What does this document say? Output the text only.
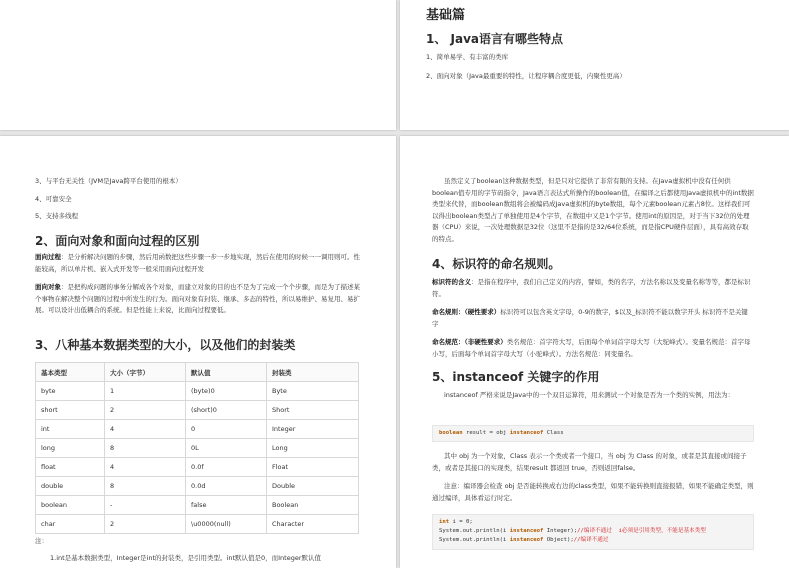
基础篇
1、 Java语言有哪些特点
1、简单易学、有丰富的类库
2、面向对象（Java最重要的特性，让程序耦合度更低，内聚性更高）
3、与平台无关性（JVM是Java跨平台使用的根本）
4、可靠安全
5、支持多线程
2、面向对象和面向过程的区别
面向过程：是分析解决问题的步骤，然后用函数把这些步骤一步一步地实现，然后在使用的时候一一调用则可。性能较高，所以单片机、嵌入式开发等一般采用面向过程开发
面向对象：是把构成问题的事务分解成各个对象，而建立对象的目的也不是为了完成一个个步骤，而是为了描述某个事物在解决整个问题的过程中所发生的行为。面向对象有封装、继承、多态的特性，所以易维护、易复用、易扩展。可以设计出低耦合的系统。但是性能上来说，比面向过程要低。
3、八种基本数据类型的大小，以及他们的封装类
基本类型	大小（字节）	默认值	封装类
byte	1	(byte)0	Byte
short	2	(short)0	Short
int	4	0	Integer
long	8	0L	Long
float	4	0.0f	Float
double	8	0.0d	Double
boolean	-	false	Boolean
char	2	\u0000(null)	Character
注：
1.int是基本数据类型，Integer是int的封装类，是引用类型。int默认值是0，而Integer默认值
虽然定义了boolean这种数据类型，但是只对它提供了非常有限的支持。在Java虚拟机中没有任何供boolean值专用的字节码指令，Java语言表达式所操作的boolean值，在编译之后都使用Java虚拟机中的int数据类型来代替，而boolean数组将会被编码成Java虚拟机的byte数组，每个元素boolean元素占8位。这样我们可以得出boolean类型占了单独使用是4个字节，在数组中又是1个字节。使用int的原因是，对于当下32位的处理器（CPU）来说，一次处理数据是32位（这里不是指的是32/64位系统，而是指CPU硬件层面），具有高效存取的特点。
4、标识符的命名规则。
标识符的含义：是指在程序中，我们自己定义的内容，譬如，类的名字，方法名称以及变量名称等等，都是标识符。
命名规则：（硬性要求）标识符可以包含英文字母，0-9的数字，$以及_标识符不能以数字开头 标识符不是关键字
命名规范：（非硬性要求）类名规范：首字符大写，后面每个单词首字母大写（大驼峰式）。变量名规范：首字母小写，后面每个单词首字母大写（小驼峰式）。方法名规范：同变量名。
5、instanceof 关键字的作用
instanceof 严格来说是Java中的一个双目运算符，用来测试一个对象是否为一个类的实例，用法为：
boolean result = obj instanceof Class
其中 obj 为一个对象，Class 表示一个类或者一个接口，当 obj 为 Class 的对象，或者是其直接或间接子类，或者是其接口的实现类，结果result 都返回 true，否则返回false。
注意：编译器会检查 obj 是否能转换成右边的class类型，如果不能转换则直接报错，如果不能确定类型，则通过编译，具体看运行时定。
int i = 0;
System.out.println(i instanceof Integer);//编译不通过  i必须是引用类型，不能是基本类型
System.out.println(i instanceof Object);//编译不通过
